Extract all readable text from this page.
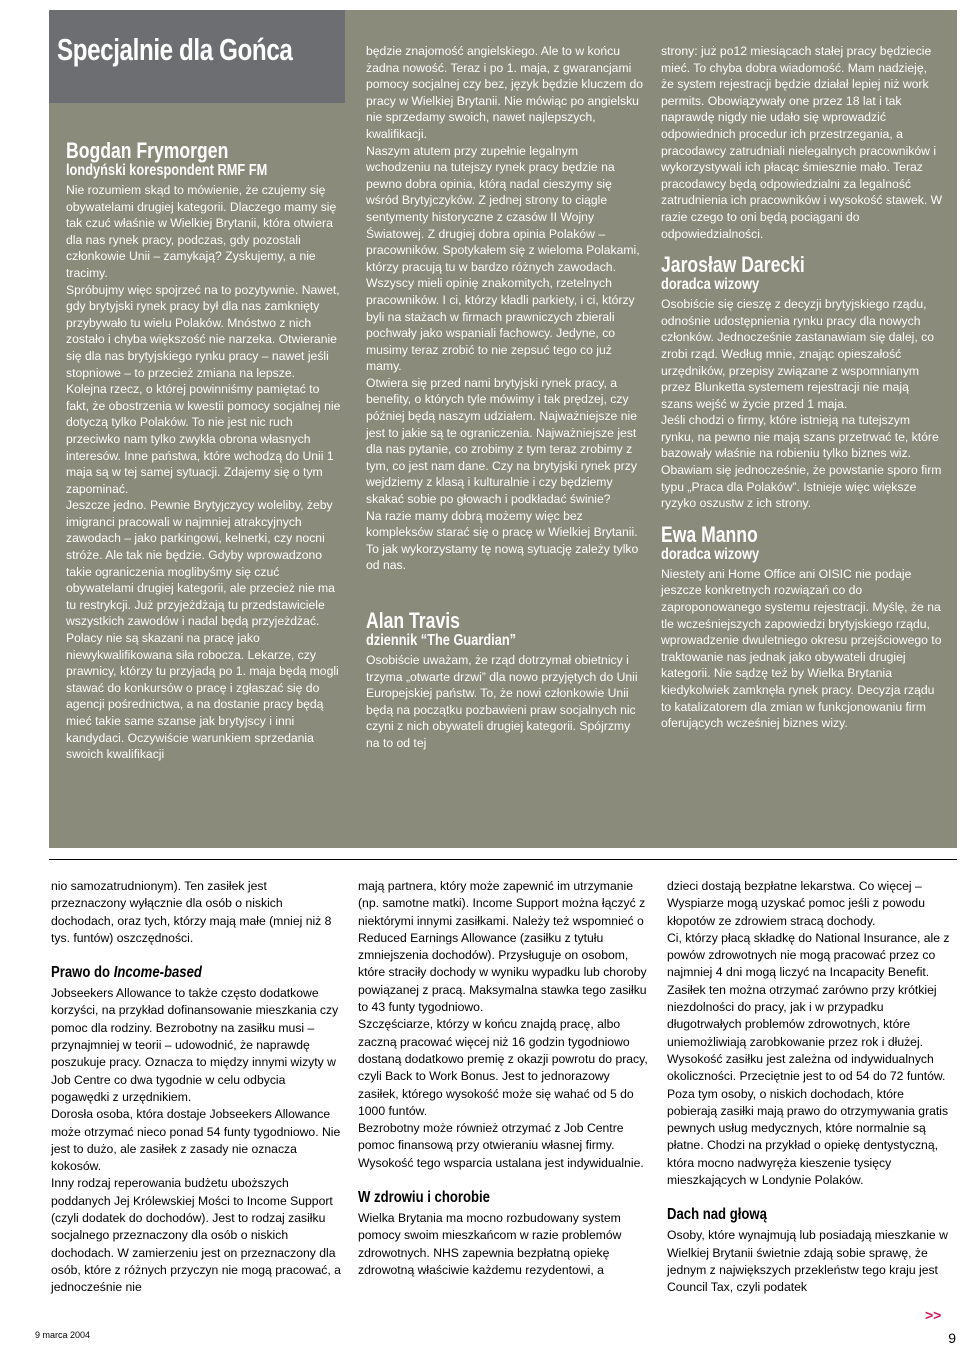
Specjalnie dla Gońca
Bogdan Frymorgen
londyński korespondent RMF FM

Nie rozumiem skąd to mówienie, że czujemy się obywatelami drugiej kategorii. Dlaczego mamy się tak czuć właśnie w Wielkiej Brytanii, która otwiera dla nas rynek pracy, podczas, gdy pozostali członkowie Unii – zamykają? Zyskujemy, a nie tracimy.

Spróbujmy więc spojrzeć na to pozytywnie. Nawet, gdy brytyjski rynek pracy był dla nas zamknięty przybywało tu wielu Polaków. Mnóstwo z nich zostało i chyba większość nie narzeka. Otwieranie się dla nas brytyjskiego rynku pracy – nawet jeśli stopniowe – to przecież zmiana na lepsze.

Kolejna rzecz, o której powinniśmy pamiętać to fakt, że obostrzenia w kwestii pomocy socjalnej nie dotyczą tylko Polaków. To nie jest nic ruch przeciwko nam tylko zwykła obrona własnych interesów. Inne państwa, które wchodzą do Unii 1 maja są w tej samej sytuacji. Zdajemy się o tym zapominać.

Jeszcze jedno. Pewnie Brytyjczycy woleliby, żeby imigranci pracowali w najmniej atrakcyjnych zawodach – jako parkingowi, kelnerki, czy nocni stróże. Ale tak nie będzie. Gdyby wprowadzono takie ograniczenia moglibyśmy się czuć obywatelami drugiej kategorii, ale przecież nie ma tu restrykcji. Już przyjeżdżają tu przedstawiciele wszystkich zawodów i nadal będą przyjeżdżać. Polacy nie są skazani na pracę jako niewykwalifikowana siła robocza. Lekarze, czy prawnicy, którzy tu przyjadą po 1. maja będą mogli stawać do konkursów o pracę i zgłaszać się do agencji pośrednictwa, a na dostanie pracy będą mieć takie same szanse jak brytyjscy i inni kandydaci. Oczywiście warunkiem sprzedania swoich kwalifikacji

będzie znajomość angielskiego. Ale to w końcu żadna nowość. Teraz i po 1. maja, z gwarancjami pomocy socjalnej czy bez, język będzie kluczem do pracy w Wielkiej Brytanii. Nie mówiąc po angielsku nie sprzedamy swoich, nawet najlepszych, kwalifikacji.

Naszym atutem przy zupełnie legalnym wchodzeniu na tutejszy rynek pracy będzie na pewno dobra opinia, którą nadal cieszymy się wśród Brytyjczyków. Z jednej strony to ciągle sentymenty historyczne z czasów II Wojny Światowej. Z drugiej dobra opinia Polaków – pracowników. Spotykałem się z wieloma Polakami, którzy pracują tu w bardzo różnych zawodach. Wszyscy mieli opinię znakomitych, rzetelnych pracowników. I ci, którzy kładli parkiety, i ci, którzy byli na stażach w firmach prawniczych zbierali pochwały jako wspaniali fachowcy. Jedyne, co musimy teraz zrobić to nie zepsuć tego co już mamy.

Otwiera się przed nami brytyjski rynek pracy, a benefity, o których tyle mówimy i tak prędzej, czy później będą naszym udziałem. Najważniejsze nie jest to jakie są te ograniczenia. Najważniejsze jest dla nas pytanie, co zrobimy z tym teraz zrobimy z tym, co jest nam dane. Czy na brytyjski rynek przy wejdziemy z klasą i kulturalnie i czy będziemy skakać sobie po głowach i podkładać świnie?

Na razie mamy dobrą możemy więc bez kompleksów starać się o pracę w Wielkiej Brytanii. To jak wykorzystamy tę nową sytuację zależy tylko od nas.

Alan Travis
dziennik “The Guardian”

Osobiście uważam, że rząd dotrzymał obietnicy i trzyma „otwarte drzwi” dla nowo przyjętych do Unii Europejskiej państw. To, że nowi członkowie Unii będą na początku pozbawieni praw socjalnych nic czyni z nich obywateli drugiej kategorii. Spójrzmy na to od tej

strony: już po12 miesiącach stałej pracy będziecie mieć. To chyba dobra wiadomość. Mam nadzieję, że system rejestracji będzie działał lepiej niż work permits. Obowiązywały one przez 18 lat i tak naprawdę nigdy nie udało się wprowadzić odpowiednich procedur ich przestrzegania, a pracodawcy zatrudniali nielegalnych pracowników i wykorzystywali ich płacąc śmiesznie mało. Teraz pracodawcy będą odpowiedzialni za legalność zatrudnienia ich pracowników i wysokość stawek. W razie czego to oni będą pociągani do odpowiedzialności.

Jarosław Darecki
doradca wizowy

Osobiście się cieszę z decyzji brytyjskiego rządu, odnośnie udostępnienia rynku pracy dla nowych członków. Jednocześnie zastanawiam się dalej, co zrobi rząd. Według mnie, znając opieszałość urzędników, przepisy związane z wspomnianym przez Blunketta systemem rejestracji nie mają szans wejść w życie przed 1 maja.

Jeśli chodzi o firmy, które istnieją na tutejszym rynku, na pewno nie mają szans przetrwać te, które bazowały właśnie na robieniu tylko biznes wiz. Obawiam się jednocześnie, że powstanie sporo firm typu „Praca dla Polaków”. Istnieje więc większe ryzyko oszustw z ich strony.

Ewa Manno
doradca wizowy

Niestety ani Home Office ani OISIC nie podaje jeszcze konkretnych rozwiązań co do zaproponowanego systemu rejestracji. Myślę, że na tle wcześniejszych zapowiedzi brytyjskiego rządu, wprowadzenie dwuletniego okresu przejściowego to traktowanie nas jednak jako obywateli drugiej kategorii. Nie sądzę też by Wielka Brytania kiedykolwiek zamknęła rynek pracy. Decyzja rządu to katalizatorem dla zmian w funkcjonowaniu firm oferujących wcześniej biznes wizy.

nio samozatrudnionym). Ten zasiłek jest przeznaczony wyłącznie dla osób o niskich dochodach, oraz tych, którzy mają małe (mniej niż 8 tys. funtów) oszczędności.

Prawo do Income-based

Jobseekers Allowance to także często dodatkowe korzyści, na przykład dofinansowanie mieszkania czy pomoc dla rodziny. Bezrobotny na zasiłku musi – przynajmniej w teorii – udowodnić, że naprawdę poszukuje pracy. Oznacza to między innymi wizyty w Job Centre co dwa tygodnie w celu odbycia pogawędki z urzędnikiem.

Dorosła osoba, która dostaje Jobseekers Allowance może otrzymać nieco ponad 54 funty tygodniowo. Nie jest to dużo, ale zasiłek z zasady nie oznacza kokosów.

Inny rodzaj reperowania budżetu uboższych poddanych Jej Królewskiej Mości to Income Support (czyli dodatek do dochodów). Jest to rodzaj zasiłku socjalnego przeznaczony dla osób o niskich dochodach. W zamierzeniu jest on przeznaczony dla osób, które z różnych przyczyn nie mogą pracować, a jednocześnie nie

mają partnera, który może zapewnić im utrzymanie (np. samotne matki). Income Support można łączyć z niektórymi innymi zasiłkami. Należy też wspomnieć o Reduced Earnings Allowance (zasiłku z tytułu zmniejszenia dochodów). Przysługuje on osobom, które straciły dochody w wyniku wypadku lub choroby powiązanej z pracą. Maksymalna stawka tego zasiłku to 43 funty tygodniowo.

Szczęściarze, którzy w końcu znajdą pracę, albo zaczną pracować więcej niż 16 godzin tygodniowo dostaną dodatkowo premię z okazji powrotu do pracy, czyli Back to Work Bonus. Jest to jednorazowy zasiłek, którego wysokość może się wahać od 5 do 1000 funtów.

Bezrobotny może również otrzymać z Job Centre pomoc finansową przy otwieraniu własnej firmy. Wysokość tego wsparcia ustalana jest indywidualnie.

W zdrowiu i chorobie

Wielka Brytania ma mocno rozbudowany system pomocy swoim mieszkańcom w razie problemów zdrowotnych. NHS zapewnia bezpłatną opiekę zdrowotną właściwie każdemu rezydentowi, a

dzieci dostają bezpłatne lekarstwa. Co więcej – Wyspiarze mogą uzyskać pomoc jeśli z powodu kłopotów ze zdrowiem stracą dochody.

Ci, którzy płacą składkę do National Insurance, ale z powów zdrowotnych nie mogą pracować przez co najmniej 4 dni mogą liczyć na Incapacity Benefit. Zasiłek ten można otrzymać zarówno przy krótkiej niezdolności do pracy, jak i w przypadku długotrwałych problemów zdrowotnych, które uniemożliwiają zarobkowanie przez rok i dłużej. Wysokość zasiłku jest zależna od indywidualnych okoliczności. Przeciętnie jest to od 54 do 72 funtów.

Poza tym osoby, o niskich dochodach, które pobierają zasiłki mają prawo do otrzymywania gratis pewnych usług medycznych, które normalnie są płatne. Chodzi na przykład o opiekę dentystyczną, która mocno nadwyręża kieszenie tysięcy mieszkających w Londynie Polaków.

Dach nad głową

Osoby, które wynajmują lub posiadają mieszkanie w Wielkiej Brytanii świetnie zdają sobie sprawę, że jednym z największych przekleństw tego kraju jest Council Tax, czyli podatek

>>
9 marca 2004	9
